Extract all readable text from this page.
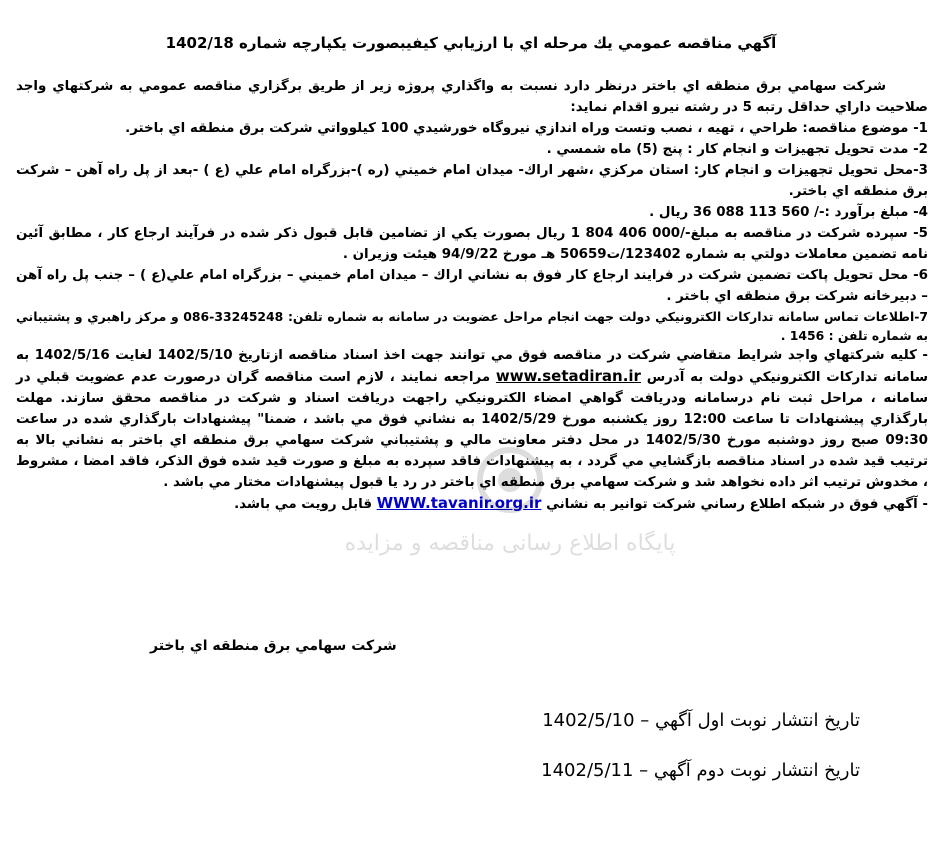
آگهي مناقصه عمومي يك مرحله اي با ارزيابي كيفيبصورت يكپارچه شماره 1402/18

شركت سهامي برق منطقه اي باختر درنظر دارد نسبت به واگذاري پروژه زير از طريق برگزاري مناقصه عمومي به شركتهاي واجد صلاحيت داراي حداقل رتبه 5 در رشته نيرو اقدام نمايد:

1- موضوع مناقصه: طراحي ، تهيه ، نصب وتست وراه اندازي نيروگاه خورشيدي 100 كيلوواتي شركت برق منطقه اي باختر.

2- مدت تحويل تجهيزات و انجام كار : پنج (5) ماه شمسي .

3-محل تحويل تجهيزات و انجام كار: استان مركزي ،شهر اراك- ميدان امام خميني (ره )-بزرگراه امام علي (ع ) -بعد از پل راه آهن – شركت برق منطقه اي باختر.

4- مبلغ برآورد :-/ 560 113 088 36 ريال .

5- سپرده شركت در مناقصه به مبلغ-/000 406 804 1 ريال بصورت يكي از تضامين قابل قبول ذكر شده در فرآيند ارجاع كار ، مطابق آئين نامه تضمين معاملات دولتي به شماره 123402/ت50659 هـ مورخ 94/9/22 هيئت وزيران .

6- محل تحويل پاكت تضمين شركت در فرايند ارجاع كار فوق به نشاني اراك – ميدان امام خميني – بزرگراه امام علي(ع ) – جنب پل راه آهن – دبيرخانه شركت برق منطقه اي باختر .

7-اطلاعات تماس سامانه تداركات الكترونيكي دولت جهت انجام مراحل عضويت در سامانه به شماره تلفن: 33245248-086 و مركز راهبري و پشتيباني به شماره تلفن : 1456 .

- كليه شركتهاي واجد شرايط متقاضي شركت در مناقصه فوق مي توانند جهت اخذ اسناد مناقصه ازتاريخ 1402/5/10 لغايت 1402/5/16 به سامانه تداركات الكترونيكي دولت به آدرس www.setadiran.ir مراجعه نمايند ، لازم است مناقصه گران درصورت عدم عضويت قبلي در سامانه ، مراحل ثبت نام درسامانه ودريافت گواهي امضاء الكترونيكي راجهت دريافت اسناد و شركت در مناقصه محقق سازند. مهلت بارگذاري پيشنهادات تا ساعت 12:00 روز يكشنبه مورخ 1402/5/29 به نشاني فوق مي باشد ، ضمنا" پيشنهادات بارگذاري شده در ساعت 09:30 صبح روز دوشنبه مورخ 1402/5/30 در محل دفتر معاونت مالي و پشتيباني شركت سهامي برق منطقه اي باختر به نشاني بالا به ترتيب قيد شده در اسناد مناقصه بازگشايي مي گردد ، به پيشنهادات فاقد سپرده به مبلغ و صورت قيد شده فوق الذكر، فاقد امضا ، مشروط ، مخدوش ترتيب اثر داده نخواهد شد و شركت سهامي برق منطقه اي باختر در رد يا قبول پيشنهادات مختار مي باشد .

- آگهي فوق در شبكه اطلاع رساني شركت توانير به نشاني WWW.tavanir.org.ir قابل رويت مي باشد.

پایگاه اطلاع رسانی مناقصه و مزایده
شركت سهامي برق منطقه اي باختر
تاريخ انتشار نوبت اول آگهي – 1402/5/10
تاريخ انتشار نوبت دوم آگهي – 1402/5/11
